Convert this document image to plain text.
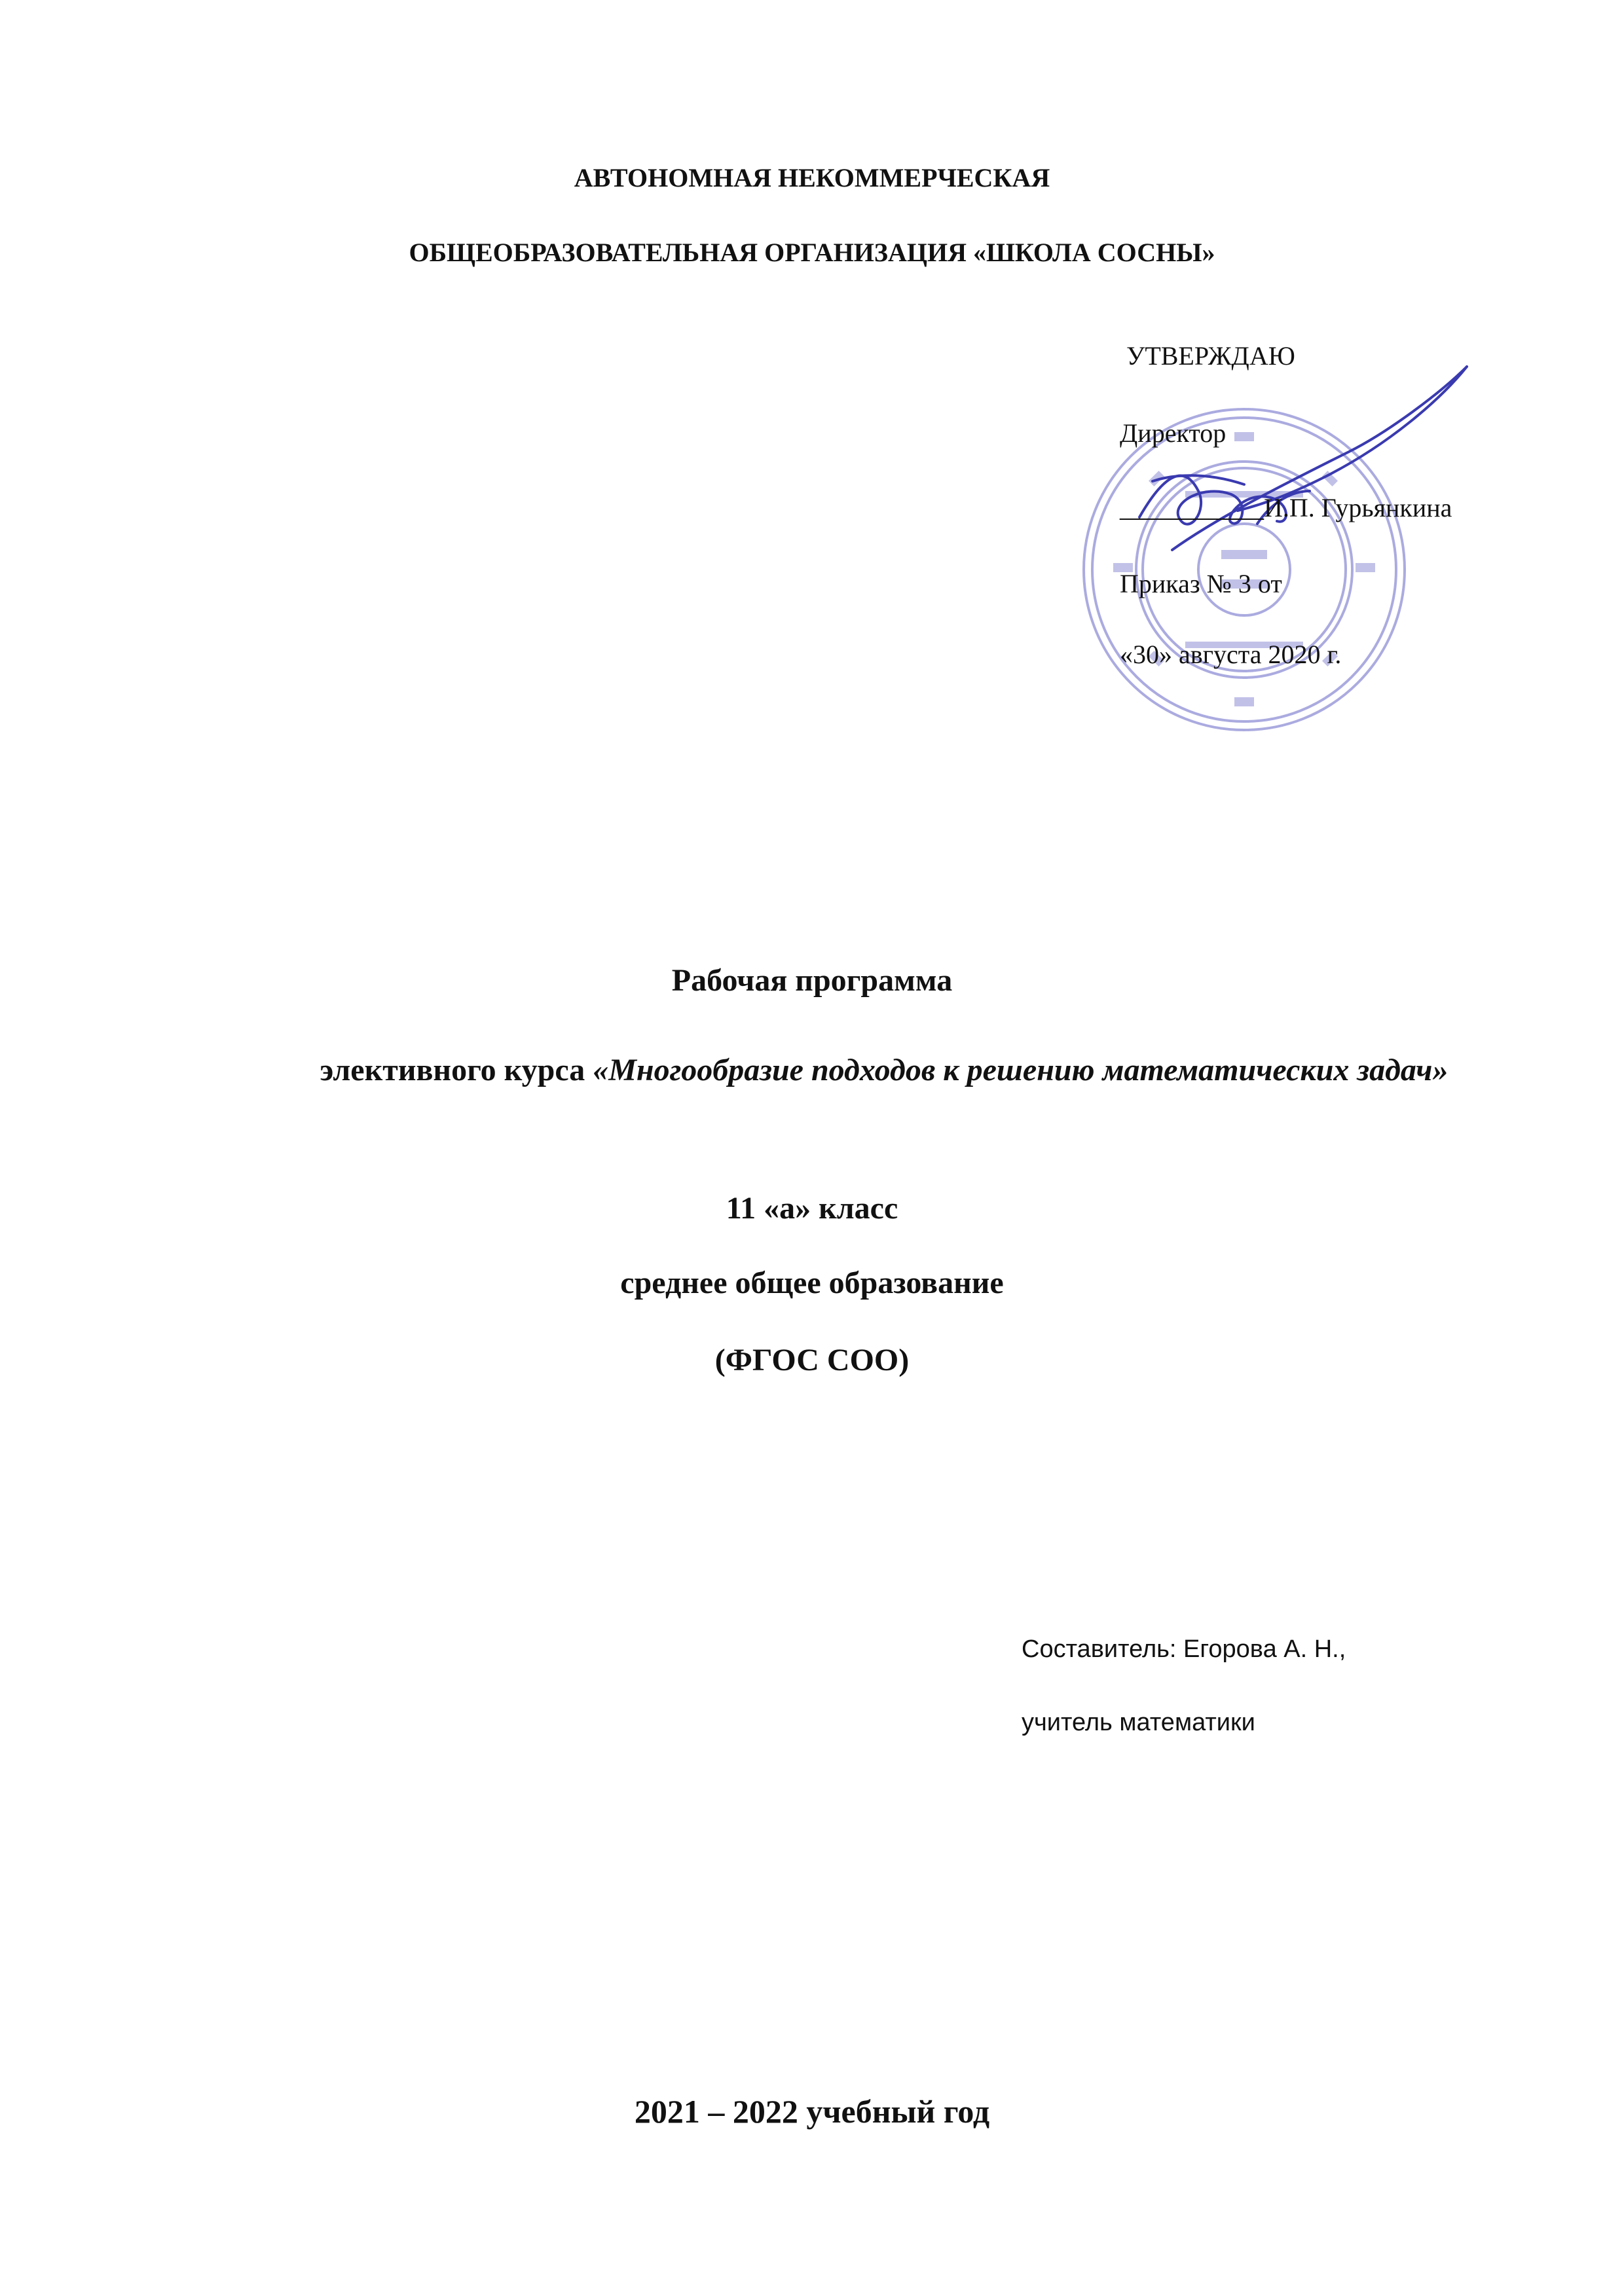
АВТОНОМНАЯ НЕКОММЕРЧЕСКАЯ
ОБЩЕОБРАЗОВАТЕЛЬНАЯ ОРГАНИЗАЦИЯ «ШКОЛА СОСНЫ»
УТВЕРЖДАЮ
Директор
___________И.П. Гурьянкина
Приказ № 3 от
«30» августа 2020 г.
Рабочая программа
элективного курса «Многообразие подходов к решению математических задач»
11 «а» класс
среднее общее образование
(ФГОС СОО)
Составитель: Егорова А. Н.,
учитель математики
2021 – 2022 учебный год
